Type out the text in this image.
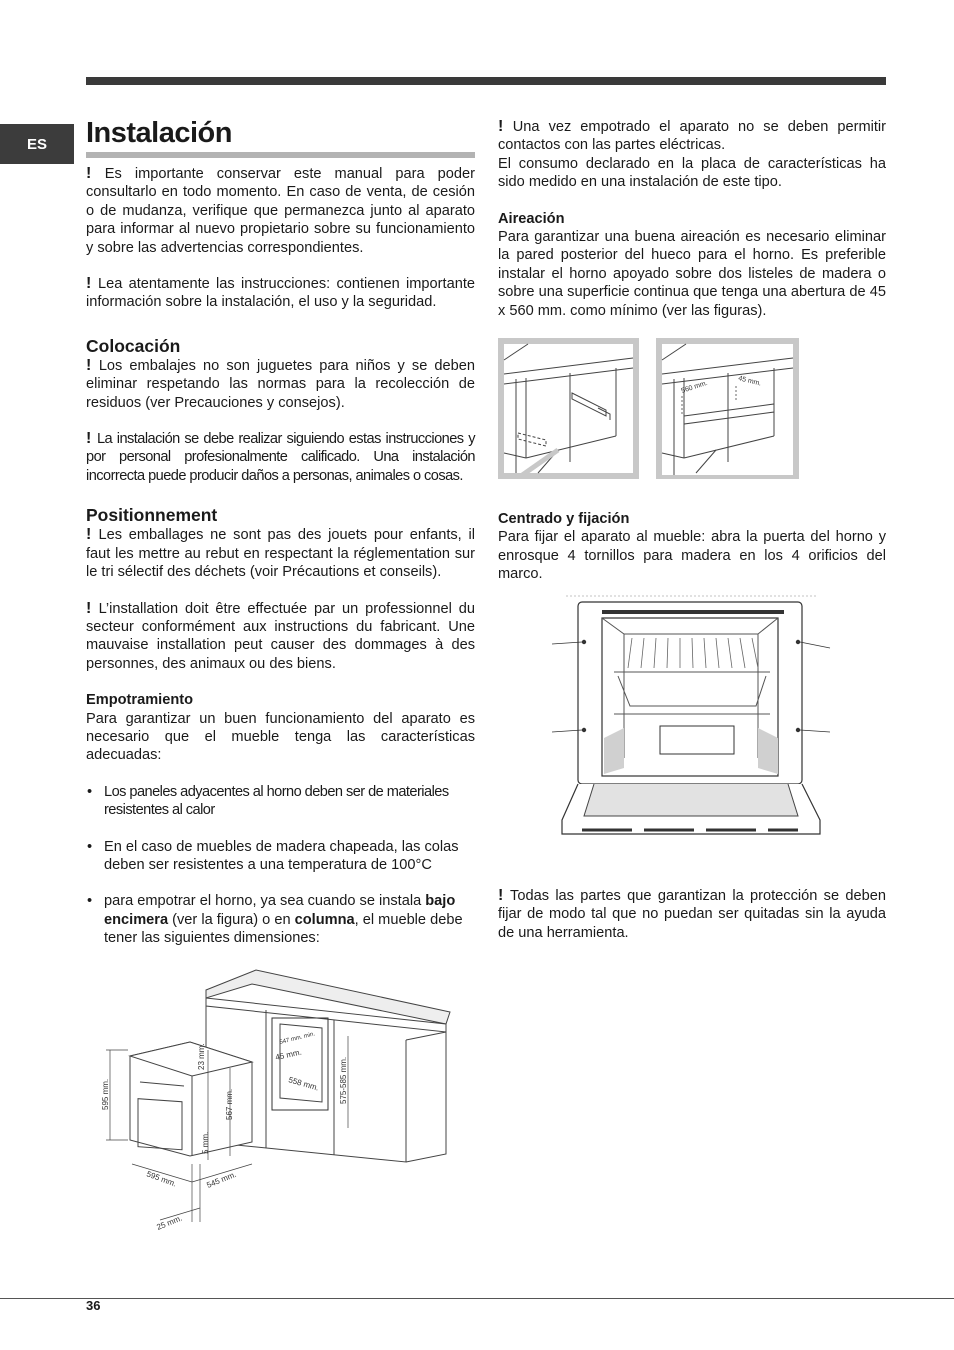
ES	Instalación

! Es importante conservar este manual para poder consultarlo en todo momento. En caso de venta, de cesión o de mudanza, verifique que permanezca junto al aparato para informar al nuevo propietario sobre su funcionamiento y sobre las advertencias correspondientes.

! Lea atentamente las instrucciones: contienen importante información sobre la instalación, el uso y la seguridad.

Colocación

! Los embalajes no son juguetes para niños y se deben eliminar respetando las normas para la recolección de residuos (ver Precauciones y consejos).

! La instalación se debe realizar siguiendo estas instrucciones y por personal profesionalmente calificado. Una instalación incorrecta puede producir daños a personas, animales o cosas.

Positionnement

! Les emballages ne sont pas des jouets pour enfants, il faut les mettre au rebut en respectant la réglementation sur le tri sélectif des déchets (voir Précautions et conseils).

! L’installation doit être effectuée par un professionnel du secteur conformément aux instructions du fabricant. Une mauvaise installation peut causer des dommages à des personnes, des animaux ou des biens.

Empotramiento

Para garantizar un buen funcionamiento del aparato es necesario que el mueble tenga las características adecuadas:

• Los paneles adyacentes al horno deben ser de materiales resistentes al calor
• En el caso de muebles de madera chapeada, las colas deben ser resistentes a una temperatura de 100°C
• para empotrar el horno, ya sea cuando se instala bajo encimera (ver la figura) o en columna, el mueble debe tener las siguientes dimensiones:

! Una vez empotrado el aparato no se deben permitir contactos con las partes eléctricas.

El consumo declarado en la placa de características ha sido medido en una instalación de este tipo.

Aireación

Para garantizar una buena aireación es necesario eliminar la pared posterior del hueco para el horno. Es preferible instalar el horno apoyado sobre dos listeles de madera o sobre una superficie continua que tenga una abertura de 45 x 560 mm. como mínimo (ver las figuras).

Centrado y fijación

Para fijar el aparato al mueble: abra la puerta del horno y enrosque 4 tornillos para madera en los 4 orificios del marco.

! Todas las partes que garantizan la protección se deben fijar de modo tal que no puedan ser quitadas sin la ayuda de una herramienta.

560 mm.	45 mm.
595 mm.
23 mm.
567 mm.
5 mm.
595 mm.	545 mm.
25 mm.
45 mm.
558 mm. 575-585 mm.
547 mm. min.
36
